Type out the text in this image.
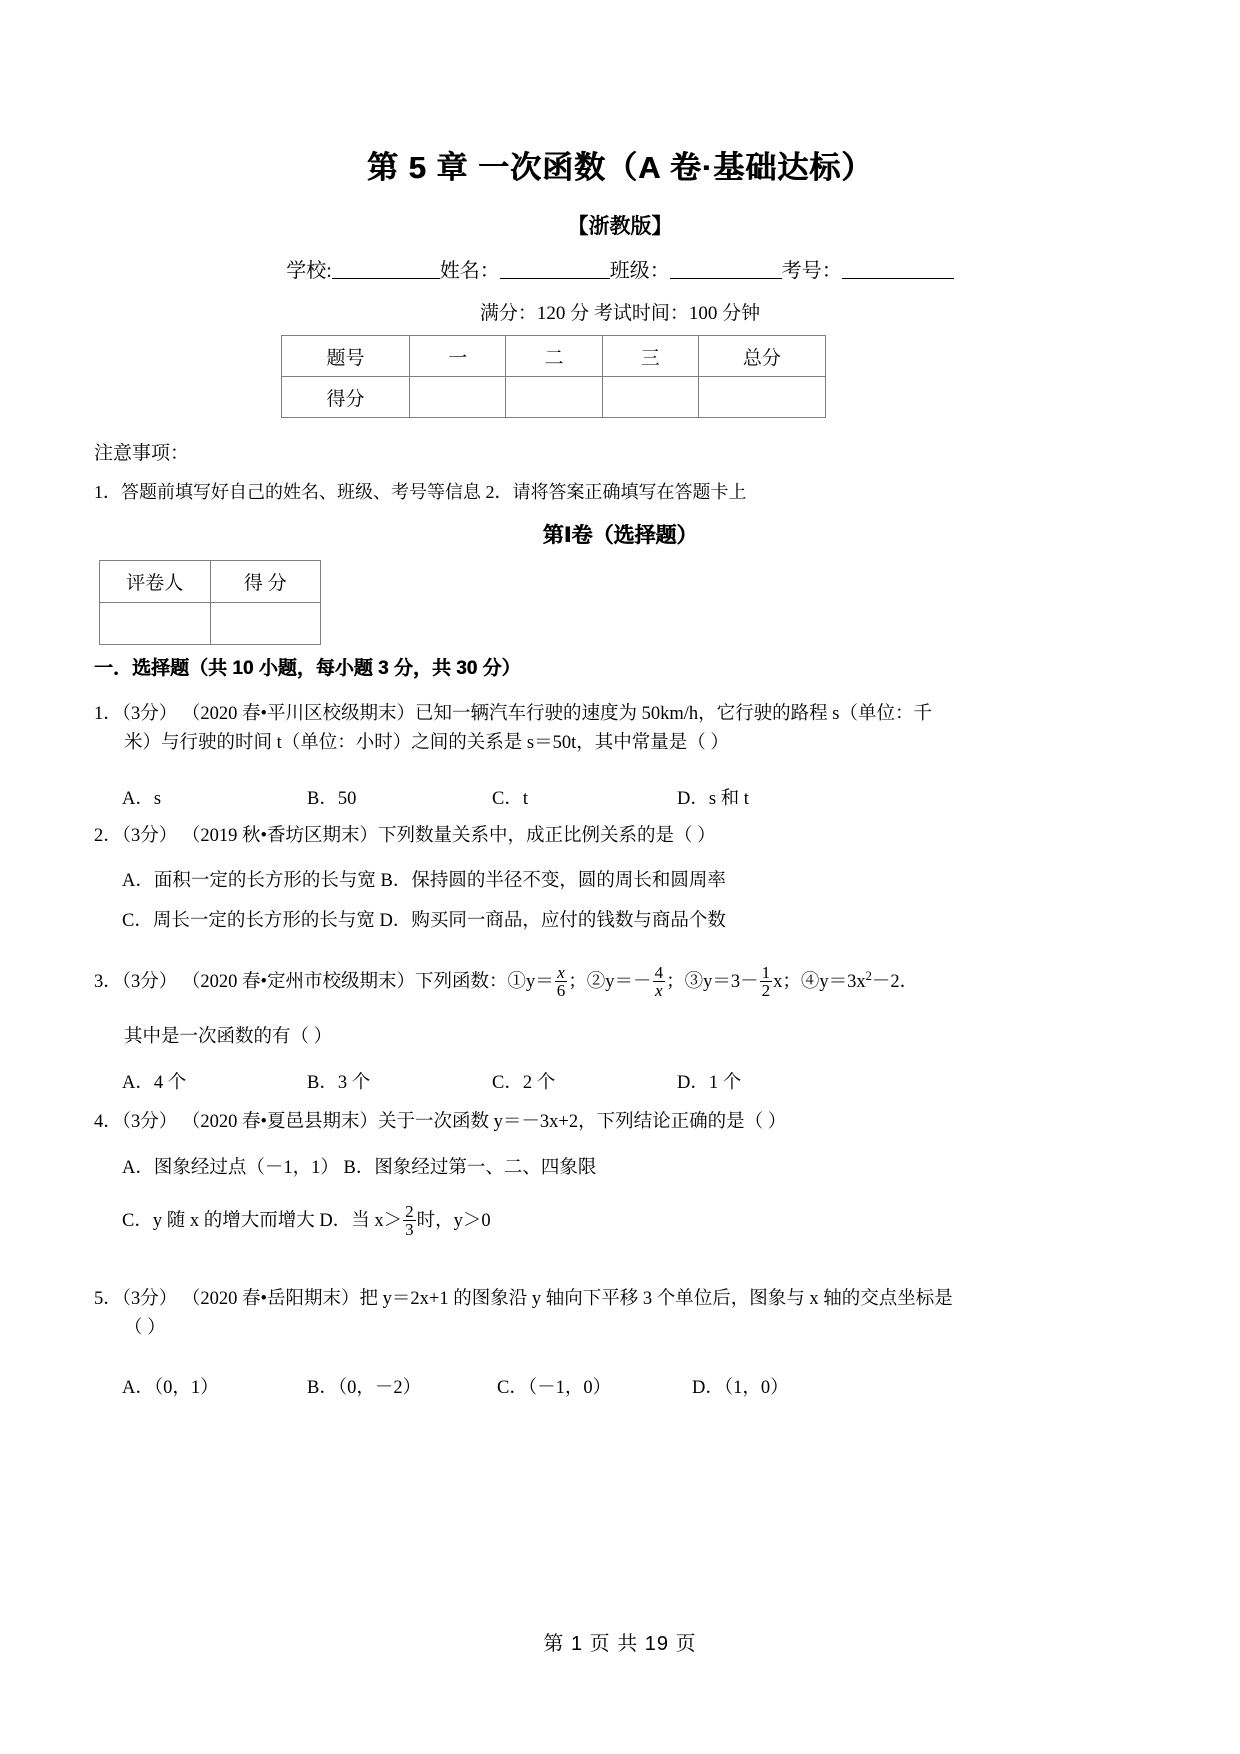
第 5 章 一次函数（A 卷·基础达标）
【浙教版】
学校:	姓名：	班级：	考号：
满分：120 分 考试时间：100 分钟
题号	一	二	三	总分
得分				
注意事项：
1．答题前填写好自己的姓名、班级、考号等信息 2．请将答案正确填写在答题卡上
第Ⅰ卷（选择题）
评卷人	得 分

一．选择题（共 10 小题，每小题 3 分，共 30 分）
1．（3分） （2020 春•平川区校级期末）已知一辆汽车行驶的速度为 50km/h，它行驶的路程 s（单位：千
米）与行驶的时间 t（单位：小时）之间的关系是 s＝50t，其中常量是（ ）
A．s	B．50	C．t	D．s 和 t
2．（3分） （2019 秋•香坊区期末）下列数量关系中，成正比例关系的是（ ）
A．面积一定的长方形的长与宽 B．保持圆的半径不变，圆的周长和圆周率
C．周长一定的长方形的长与宽 D．购买同一商品，应付的钱数与商品个数
3．（3分） （2020 春•定州市校级期末）下列函数：①y＝ $\frac{x}{6}$ ；②y＝－ $\frac{4}{x}$ ；③y＝3－ $\frac{1}{2}$ x；$④y=3x^2-2$．
其中是一次函数的有（ ）
A．4 个	B．3 个	C．2 个	D．1 个
4．（3分） （2020 春•夏邑县期末）关于一次函数 y＝－3x+2，下列结论正确的是（ ）
A．图象经过点（－1，1） B．图象经过第一、二、四象限
C．y 随 x 的增大而增大 D．当 $x> \frac{2}{3}$ 时，y＞0
5．（3分） （2020 春•岳阳期末）把 y＝2x+1 的图象沿 y 轴向下平移 3 个单位后，图象与 x 轴的交点坐标是
（ ）
A．（0，1）	B．（0，－2）	C．（－1，0）	D．（1，0）
第 1 页 共 19 页
